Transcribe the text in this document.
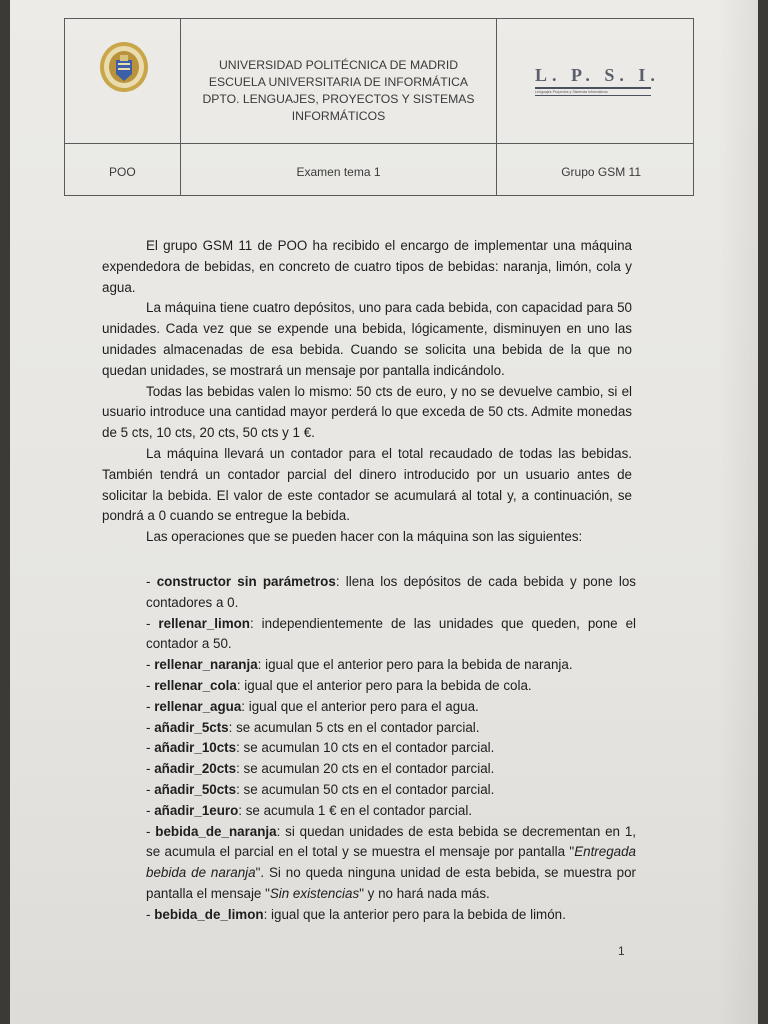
UNIVERSIDAD POLITÉCNICA DE MADRID
ESCUELA UNIVERSITARIA DE INFORMÁTICA
DPTO. LENGUAJES, PROYECTOS Y SISTEMAS
INFORMÁTICOS
L. P. S. I.
Lenguajes Proyectos y Sistemas Informáticos
POO	Examen tema 1	Grupo GSM 11

El grupo GSM 11 de POO ha recibido el encargo de implementar una máquina expendedora de bebidas, en concreto de cuatro tipos de bebidas: naranja, limón, cola y agua.

La máquina tiene cuatro depósitos, uno para cada bebida, con capacidad para 50 unidades. Cada vez que se expende una bebida, lógicamente, disminuyen en uno las unidades almacenadas de esa bebida. Cuando se solicita una bebida de la que no quedan unidades, se mostrará un mensaje por pantalla indicándolo.

Todas las bebidas valen lo mismo: 50 cts de euro, y no se devuelve cambio, si el usuario introduce una cantidad mayor perderá lo que exceda de 50 cts. Admite monedas de 5 cts, 10 cts, 20 cts, 50 cts y 1 €.

La máquina llevará un contador para el total recaudado de todas las bebidas. También tendrá un contador parcial del dinero introducido por un usuario antes de solicitar la bebida. El valor de este contador se acumulará al total y, a continuación, se pondrá a 0 cuando se entregue la bebida.

Las operaciones que se pueden hacer con la máquina son las siguientes:

- constructor sin parámetros: llena los depósitos de cada bebida y pone los contadores a 0.

- rellenar_limon: independientemente de las unidades que queden, pone el contador a 50.

- rellenar_naranja: igual que el anterior pero para la bebida de naranja.

- rellenar_cola: igual que el anterior pero para la bebida de cola.

- rellenar_agua: igual que el anterior pero para el agua.

- añadir_5cts: se acumulan 5 cts en el contador parcial.

- añadir_10cts: se acumulan 10 cts en el contador parcial.

- añadir_20cts: se acumulan 20 cts en el contador parcial.

- añadir_50cts: se acumulan 50 cts en el contador parcial.

- añadir_1euro: se acumula 1 € en el contador parcial.

- bebida_de_naranja: si quedan unidades de esta bebida se decrementan en 1, se acumula el parcial en el total y se muestra el mensaje por pantalla "Entregada bebida de naranja". Si no queda ninguna unidad de esta bebida, se muestra por pantalla el mensaje "Sin existencias" y no hará nada más.

- bebida_de_limon: igual que la anterior pero para la bebida de limón.

1
